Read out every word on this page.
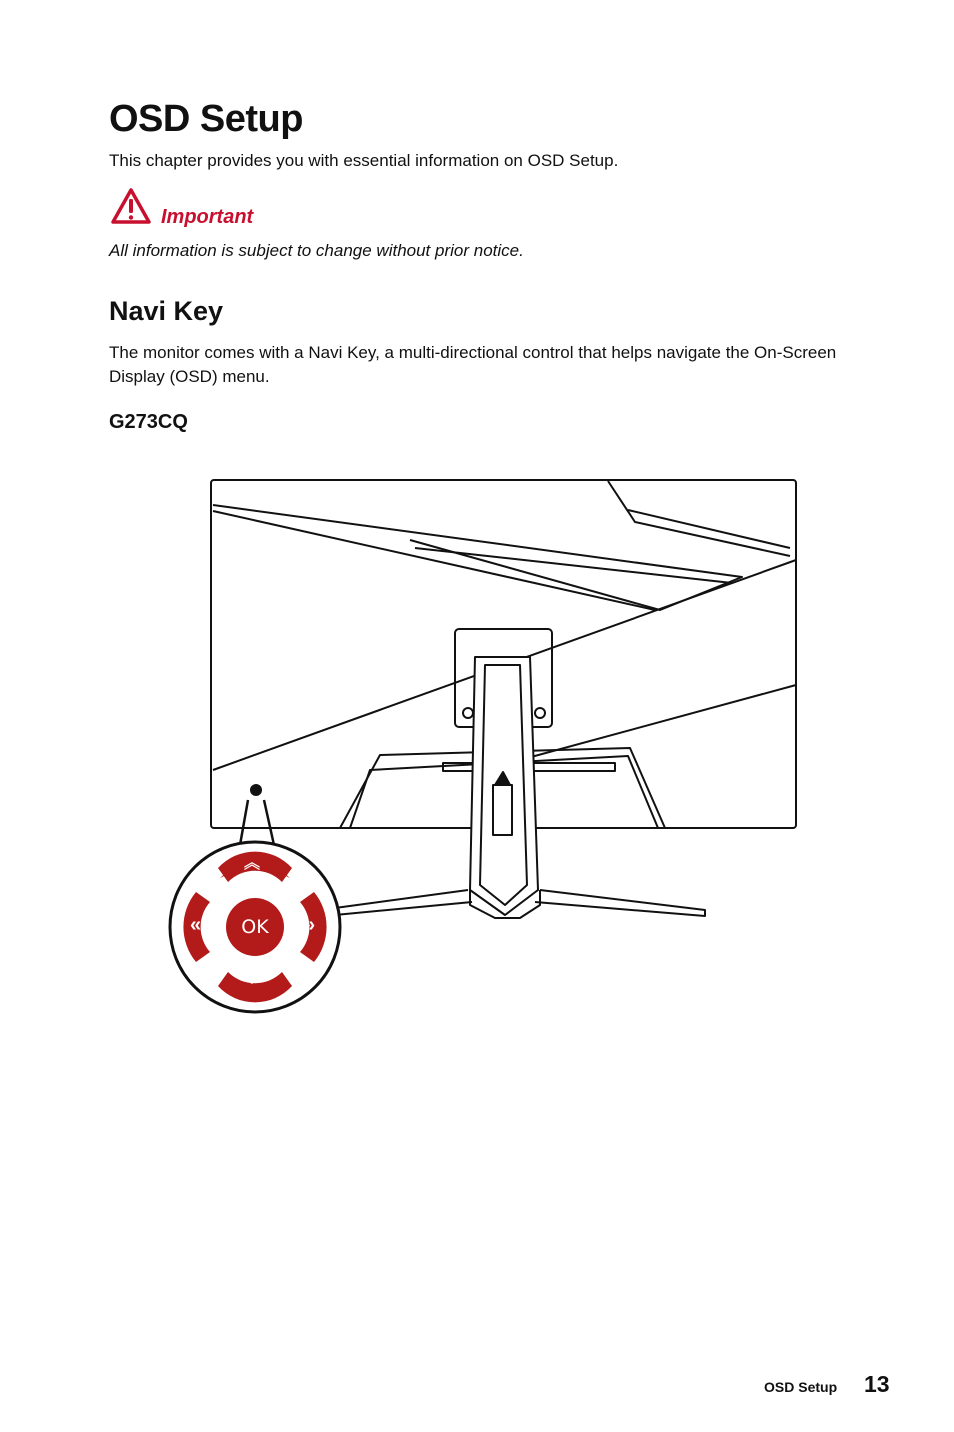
OSD Setup

This chapter provides you with essential information on OSD Setup.

Important

All information is subject to change without prior notice.

Navi Key

The monitor comes with a Navi Key, a multi-directional control that helps navigate the On-Screen Display (OSD) menu.

G273CQ
OK
︽
︾
«	»
OSD Setup 13
